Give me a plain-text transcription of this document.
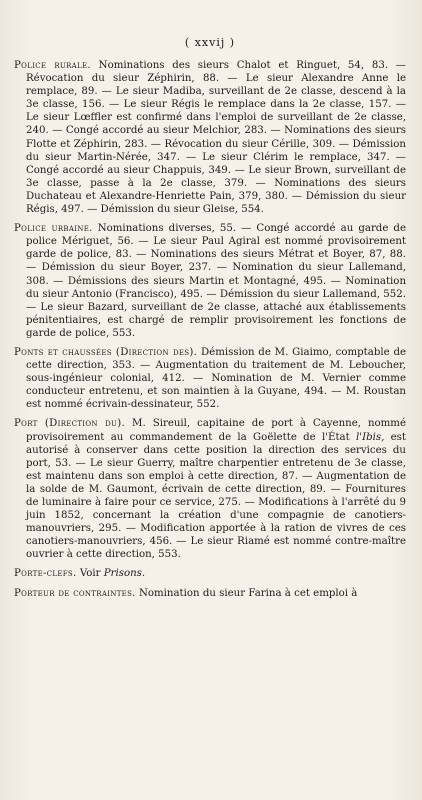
( xxvij )

Police rurale. Nominations des sieurs Chalot et Ringuet, 54, 83. — Révocation du sieur Zéphirin, 88. — Le sieur Alexandre Anne le remplace, 89. — Le sieur Madiba, surveillant de 2e classe, descend à la 3e classe, 156. — Le sieur Régis le remplace dans la 2e classe, 157. — Le sieur Lœffler est confirmé dans l'emploi de surveillant de 2e classe, 240. — Congé accordé au sieur Melchior, 283. — Nominations des sieurs Flotte et Zéphirin, 283. — Révocation du sieur Cérille, 309. — Démission du sieur Martin-Nérée, 347. — Le sieur Clérim le remplace, 347. — Congé accordé au sieur Chappuis, 349. — Le sieur Brown, surveillant de 3e classe, passe à la 2e classe, 379. — Nominations des sieurs Duchateau et Alexandre-Henriette Pain, 379, 380. — Démission du sieur Régis, 497. — Démission du sieur Gleise, 554.

Police urbaine. Nominations diverses, 55. — Congé accordé au garde de police Mériguet, 56. — Le sieur Paul Agiral est nommé provisoirement garde de police, 83. — Nominations des sieurs Métrat et Boyer, 87, 88. — Démission du sieur Boyer, 237. — Nomination du sieur Lallemand, 308. — Démissions des sieurs Martin et Montagné, 495. — Nomination du sieur Antonio (Francisco), 495. — Démission du sieur Lallemand, 552. — Le sieur Bazard, surveillant de 2e classe, attaché aux établissements pénitentiaires, est chargé de remplir provisoirement les fonctions de garde de police, 553.

Ponts et chaussées (Direction des). Démission de M. Giaimo, comptable de cette direction, 353. — Augmentation du traitement de M. Leboucher, sous-ingénieur colonial, 412. — Nomination de M. Vernier comme conducteur entretenu, et son maintien à la Guyane, 494. — M. Roustan est nommé écrivain-dessinateur, 552.

Port (Direction du). M. Sireuil, capitaine de port à Cayenne, nommé provisoirement au commandement de la Goëlette de l'État l'Ibis, est autorisé à conserver dans cette position la direction des services du port, 53. — Le sieur Guerry, maître charpentier entretenu de 3e classe, est maintenu dans son emploi à cette direction, 87. — Augmentation de la solde de M. Gaumont, écrivain de cette direction, 89. — Fournitures de luminaire à faire pour ce service, 275. — Modifications à l'arrêté du 9 juin 1852, concernant la création d'une compagnie de canotiers-manouvriers, 295. — Modification apportée à la ration de vivres de ces canotiers-manouvriers, 456. — Le sieur Riamé est nommé contre-maître ouvrier à cette direction, 553.

Porte-clefs. Voir Prisons.

Porteur de contraintes. Nomination du sieur Farina à cet emploi à
